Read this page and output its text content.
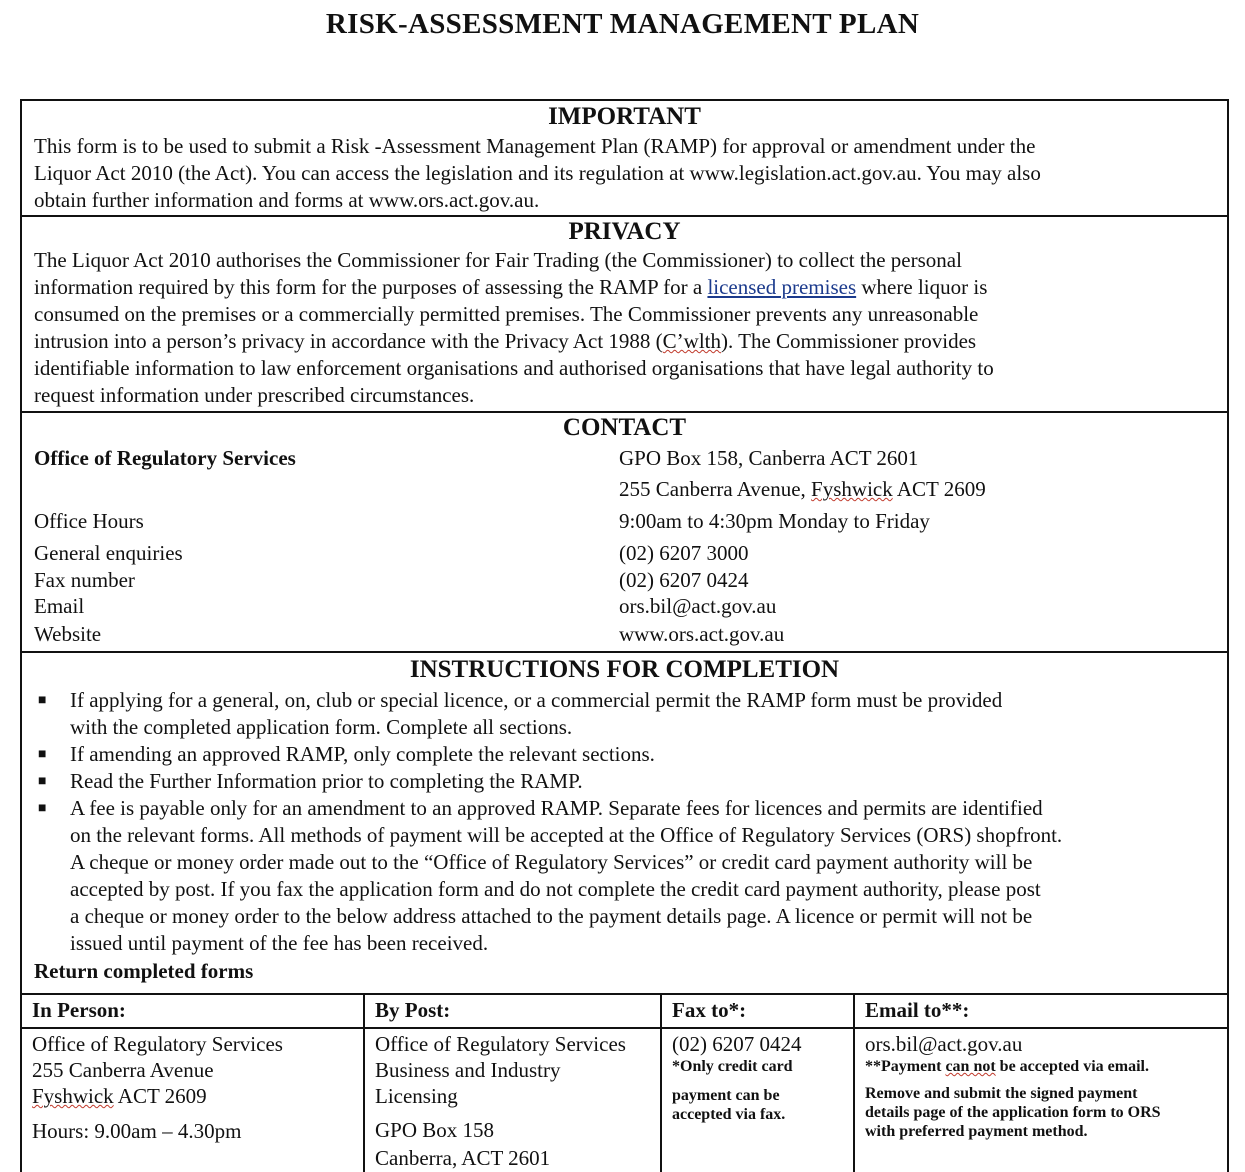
RISK-ASSESSMENT MANAGEMENT PLAN
IMPORTANT
This form is to be used to submit a Risk -Assessment Management Plan (RAMP) for approval or amendment under the
Liquor Act 2010 (the Act). You can access the legislation and its regulation at www.legislation.act.gov.au. You may also
obtain further information and forms at www.ors.act.gov.au.
PRIVACY
The Liquor Act 2010 authorises the Commissioner for Fair Trading (the Commissioner) to collect the personal
information required by this form for the purposes of assessing the RAMP for a licensed premises where liquor is
consumed on the premises or a commercially permitted premises. The Commissioner prevents any unreasonable
intrusion into a person’s privacy in accordance with the Privacy Act 1988 (C’wlth). The Commissioner provides
identifiable information to law enforcement organisations and authorised organisations that have legal authority to
request information under prescribed circumstances.
CONTACT
Office of Regulatory Services	GPO Box 158, Canberra ACT 2601
255 Canberra Avenue, Fyshwick ACT 2609
Office Hours	9:00am to 4:30pm Monday to Friday
General enquiries	(02) 6207 3000
Fax number	(02) 6207 0424
Email	ors.bil@act.gov.au
Website	www.ors.act.gov.au
INSTRUCTIONS FOR COMPLETION
■ If applying for a general, on, club or special licence, or a commercial permit the RAMP form must be provided
with the completed application form. Complete all sections.
■ If amending an approved RAMP, only complete the relevant sections.
■ Read the Further Information prior to completing the RAMP.
■ A fee is payable only for an amendment to an approved RAMP. Separate fees for licences and permits are identified
on the relevant forms. All methods of payment will be accepted at the Office of Regulatory Services (ORS) shopfront.
A cheque or money order made out to the “Office of Regulatory Services” or credit card payment authority will be
accepted by post. If you fax the application form and do not complete the credit card payment authority, please post
a cheque or money order to the below address attached to the payment details page. A licence or permit will not be
issued until payment of the fee has been received.
Return completed forms
In Person:
Office of Regulatory Services
255 Canberra Avenue
Fyshwick ACT 2609
Hours: 9.00am – 4.30pm
By Post:
Office of Regulatory Services
Business and Industry
Licensing
GPO Box 158
Canberra, ACT 2601
Fax to*:
(02) 6207 0424
*Only credit card
payment can be
accepted via fax.
Email to**:
ors.bil@act.gov.au
**Payment can not be accepted via email.
Remove and submit the signed payment
details page of the application form to ORS
with preferred payment method.
